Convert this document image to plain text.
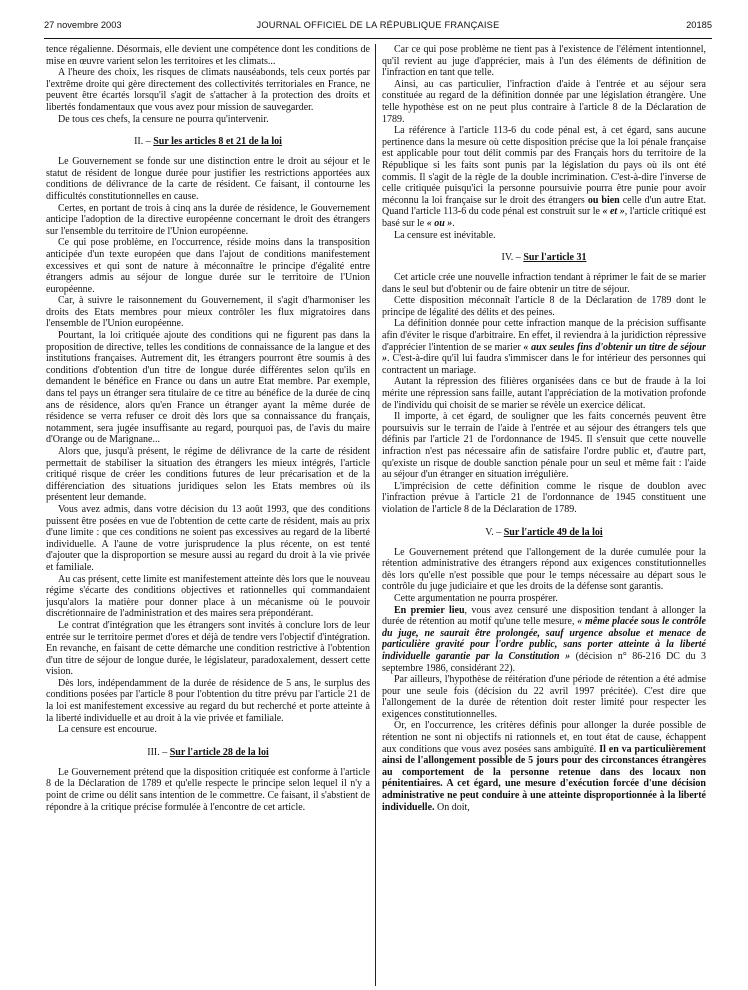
27 novembre 2003	JOURNAL OFFICIEL DE LA RÉPUBLIQUE FRANÇAISE	20185

tence régalienne. Désormais, elle devient une compétence dont les conditions de mise en œuvre varient selon les territoires et les climats...

A l'heure des choix, les risques de climats nauséabonds, tels ceux portés par l'extrême droite qui gère directement des collectivités territoriales en France, ne peuvent être écartés lorsqu'il s'agit de s'attacher à la protection des droits et libertés fondamentaux que vous avez pour mission de sauvegarder.

De tous ces chefs, la censure ne pourra qu'intervenir.

II. – Sur les articles 8 et 21 de la loi

Le Gouvernement se fonde sur une distinction entre le droit au séjour et le statut de résident de longue durée pour justifier les restrictions apportées aux conditions de délivrance de la carte de résident. Ce faisant, il contourne les difficultés constitutionnelles en cause.

Certes, en portant de trois à cinq ans la durée de résidence, le Gouvernement anticipe l'adoption de la directive européenne concernant le droit des étrangers sur l'ensemble du territoire de l'Union européenne.

Ce qui pose problème, en l'occurrence, réside moins dans la transposition anticipée d'un texte européen que dans l'ajout de conditions manifestement excessives et qui sont de nature à méconnaître le principe d'égalité entre étrangers admis au séjour de longue durée sur le territoire de l'Union européenne.

Car, à suivre le raisonnement du Gouvernement, il s'agit d'harmoniser les droits des Etats membres pour mieux contrôler les flux migratoires dans l'ensemble de l'Union européenne.

Pourtant, la loi critiquée ajoute des conditions qui ne figurent pas dans la proposition de directive, telles les conditions de connaissance de la langue et des institutions françaises. Autrement dit, les étrangers pourront être soumis à des conditions d'obtention d'un titre de longue durée différentes selon qu'ils en demandent le bénéfice en France ou dans un autre Etat membre. Par exemple, dans tel pays un étranger sera titulaire de ce titre au bénéfice de la durée de cinq ans de résidence, alors qu'en France un étranger ayant la même durée de résidence se verra refuser ce droit dès lors que sa connaissance du français, notamment, sera jugée insuffisante au regard, pourquoi pas, de l'avis du maire d'Orange ou de Marignane...

Alors que, jusqu'à présent, le régime de délivrance de la carte de résident permettait de stabiliser la situation des étrangers les mieux intégrés, l'article critiqué risque de créer les conditions futures de leur précarisation et de la différenciation des situations juridiques selon les Etats membres où ils présentent leur demande.

Vous avez admis, dans votre décision du 13 août 1993, que des conditions puissent être posées en vue de l'obtention de cette carte de résident, mais au prix d'une limite : que ces conditions ne soient pas excessives au regard de la liberté individuelle. A l'aune de votre jurisprudence la plus récente, on est tenté d'ajouter que la disproportion se mesure aussi au regard du droit à la vie privée et familiale.

Au cas présent, cette limite est manifestement atteinte dès lors que le nouveau régime s'écarte des conditions objectives et rationnelles qui commandaient jusqu'alors la matière pour donner place à un mécanisme où le pouvoir discrétionnaire de l'administration et des maires sera prépondérant.

Le contrat d'intégration que les étrangers sont invités à conclure lors de leur entrée sur le territoire permet d'ores et déjà de tendre vers l'objectif d'intégration. En revanche, en faisant de cette démarche une condition restrictive à l'obtention d'un titre de séjour de longue durée, le législateur, paradoxalement, dessert cette vision.

Dès lors, indépendamment de la durée de résidence de 5 ans, le surplus des conditions posées par l'article 8 pour l'obtention du titre prévu par l'article 21 de la loi est manifestement excessive au regard du but recherché et porte atteinte à la liberté individuelle et au droit à la vie privée et familiale.

La censure est encourue.

III. – Sur l'article 28 de la loi

Le Gouvernement prétend que la disposition critiquée est conforme à l'article 8 de la Déclaration de 1789 et qu'elle respecte le principe selon lequel il n'y a point de crime ou délit sans intention de le commettre. Ce faisant, il s'abstient de répondre à la critique précise formulée à l'encontre de cet article.

Car ce qui pose problème ne tient pas à l'existence de l'élément intentionnel, qu'il revient au juge d'apprécier, mais à l'un des éléments de définition de l'infraction en tant que telle.

Ainsi, au cas particulier, l'infraction d'aide à l'entrée et au séjour sera constituée au regard de la définition donnée par une législation étrangère. Une telle hypothèse est on ne peut plus contraire à l'article 8 de la Déclaration de 1789.

La référence à l'article 113-6 du code pénal est, à cet égard, sans aucune pertinence dans la mesure où cette disposition précise que la loi pénale française est applicable pour tout délit commis par des Français hors du territoire de la République si les faits sont punis par la législation du pays où ils ont été commis. Il s'agit de la règle de la double incrimination. C'est-à-dire l'inverse de celle critiquée puisqu'ici la personne poursuivie pourra être punie pour avoir méconnu la loi française sur le droit des étrangers ou bien celle d'un autre Etat. Quand l'article 113-6 du code pénal est construit sur le « et », l'article critiqué est basé sur le « ou ».

La censure est inévitable.

IV. – Sur l'article 31

Cet article crée une nouvelle infraction tendant à réprimer le fait de se marier dans le seul but d'obtenir ou de faire obtenir un titre de séjour.

Cette disposition méconnaît l'article 8 de la Déclaration de 1789 dont le principe de légalité des délits et des peines.

La définition donnée pour cette infraction manque de la précision suffisante afin d'éviter le risque d'arbitraire. En effet, il reviendra à la juridiction répressive d'apprécier l'intention de se marier « aux seules fins d'obtenir un titre de séjour ». C'est-à-dire qu'il lui faudra s'immiscer dans le for intérieur des personnes qui contractent un mariage.

Autant la répression des filières organisées dans ce but de fraude à la loi mérite une répression sans faille, autant l'appréciation de la motivation profonde de l'individu qui choisit de se marier se révèle un exercice délicat.

Il importe, à cet égard, de souligner que les faits concernés peuvent être poursuivis sur le terrain de l'aide à l'entrée et au séjour des étrangers tels que définis par l'article 21 de l'ordonnance de 1945. Il s'ensuit que cette nouvelle infraction n'est pas nécessaire afin de satisfaire l'ordre public et, d'autre part, qu'existe un risque de double sanction pénale pour un seul et même fait : l'aide au séjour d'un étranger en situation irrégulière.

L'imprécision de cette définition comme le risque de doublon avec l'infraction prévue à l'article 21 de l'ordonnance de 1945 constituent une violation de l'article 8 de la Déclaration de 1789.

V. – Sur l'article 49 de la loi

Le Gouvernement prétend que l'allongement de la durée cumulée pour la rétention administrative des étrangers répond aux exigences constitutionnelles dès lors qu'elle n'est possible que pour le temps nécessaire au départ sous le contrôle du juge judiciaire et que les droits de la défense sont garantis.

Cette argumentation ne pourra prospérer.

En premier lieu, vous avez censuré une disposition tendant à allonger la durée de rétention au motif qu'une telle mesure, « même placée sous le contrôle du juge, ne saurait être prolongée, sauf urgence absolue et menace de particulière gravité pour l'ordre public, sans porter atteinte à la liberté individuelle garantie par la Constitution » (décision n° 86-216 DC du 3 septembre 1986, considérant 22).

Par ailleurs, l'hypothèse de réitération d'une période de rétention a été admise pour une seule fois (décision du 22 avril 1997 précitée). C'est dire que l'allongement de la durée de rétention doit rester limité pour respecter les exigences constitutionnelles.

Or, en l'occurrence, les critères définis pour allonger la durée possible de rétention ne sont ni objectifs ni rationnels et, en tout état de cause, échappent aux conditions que vous avez posées sans ambiguïté. Il en va particulièrement ainsi de l'allongement possible de 5 jours pour des circonstances étrangères au comportement de la personne retenue dans des locaux non pénitentiaires. A cet égard, une mesure d'exécution forcée d'une décision administrative ne peut conduire à une atteinte disproportionnée à la liberté individuelle. On doit,
